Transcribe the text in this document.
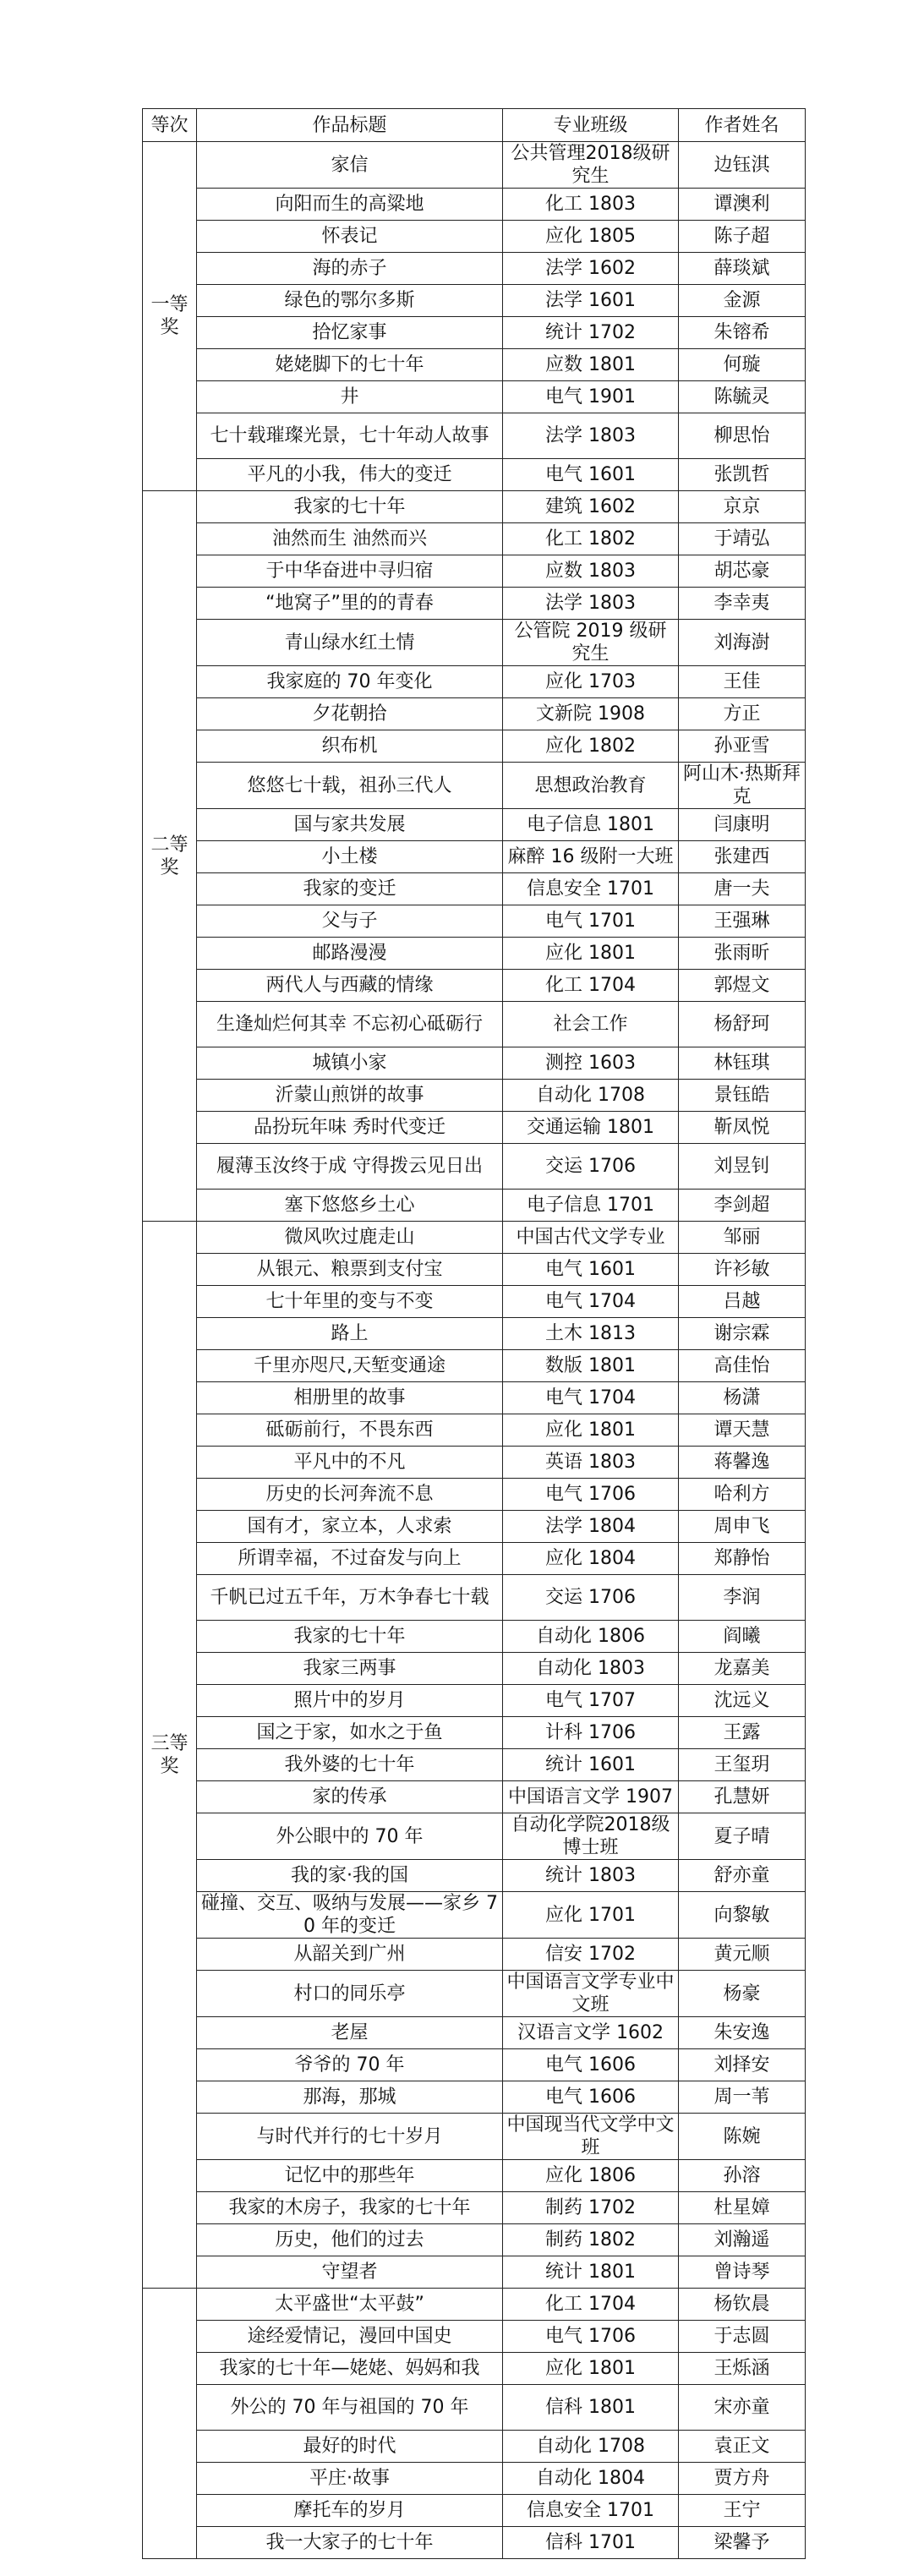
等次	作品标题	专业班级	作者姓名
一等奖	家信	公共管理2018级研究生	边钰淇
	向阳而生的高粱地	化工 1803	谭澳利
	怀表记	应化 1805	陈子超
	海的赤子	法学 1602	薛琰斌
	绿色的鄂尔多斯	法学 1601	金源
	拾忆家事	统计 1702	朱镕希
	姥姥脚下的七十年	应数 1801	何璇
	井	电气 1901	陈毓灵
	七十载璀璨光景，七十年动人故事	法学 1803	柳思怡
	平凡的小我，伟大的变迁	电气 1601	张凯哲
二等奖	我家的七十年	建筑 1602	京京
	油然而生 油然而兴	化工 1802	于靖弘
	于中华奋进中寻归宿	应数 1803	胡芯豪
	“地窝子”里的的青春	法学 1803	李幸夷
	青山绿水红土情	公管院 2019 级研究生	刘海澍
	我家庭的 70 年变化	应化 1703	王佳
	夕花朝拾	文新院 1908	方正
	织布机	应化 1802	孙亚雪
	悠悠七十载，祖孙三代人	思想政治教育	阿山木·热斯拜克
	国与家共发展	电子信息 1801	闫康明
	小土楼	麻醉 16 级附一大班	张建西
	我家的变迁	信息安全 1701	唐一夫
	父与子	电气 1701	王强琳
	邮路漫漫	应化 1801	张雨昕
	两代人与西藏的情缘	化工 1704	郭煜文
	生逢灿烂何其幸 不忘初心砥砺行	社会工作	杨舒珂
	城镇小家	测控 1603	林钰琪
	沂蒙山煎饼的故事	自动化 1708	景钰皓
	品扮玩年味 秀时代变迁	交通运输 1801	靳凤悦
	履薄玉汝终于成 守得拨云见日出	交运 1706	刘昱钊
	塞下悠悠乡土心	电子信息 1701	李剑超
三等奖	微风吹过鹿走山	中国古代文学专业	邹丽
	从银元、粮票到支付宝	电气 1601	许衫敏
	七十年里的变与不变	电气 1704	吕越
	路上	土木 1813	谢宗霖
	千里亦咫尺,天堑变通途	数版 1801	高佳怡
	相册里的故事	电气 1704	杨潇
	砥砺前行，不畏东西	应化 1801	谭天慧
	平凡中的不凡	英语 1803	蒋馨逸
	历史的长河奔流不息	电气 1706	哈利方
	国有才，家立本，人求索	法学 1804	周申飞
	所谓幸福，不过奋发与向上	应化 1804	郑静怡
	千帆已过五千年，万木争春七十载	交运 1706	李润
	我家的七十年	自动化 1806	阎曦
	我家三两事	自动化 1803	龙嘉美
	照片中的岁月	电气 1707	沈远义
	国之于家，如水之于鱼	计科 1706	王露
	我外婆的七十年	统计 1601	王玺玥
	家的传承	中国语言文学 1907	孔慧妍
	外公眼中的 70 年	自动化学院2018级博士班	夏子晴
	我的家·我的国	统计 1803	舒亦童
	碰撞、交互、吸纳与发展——家乡 70 年的变迁	应化 1701	向黎敏
	从韶关到广州	信安 1702	黄元顺
	村口的同乐亭	中国语言文学专业中文班	杨豪
	老屋	汉语言文学 1602	朱安逸
	爷爷的 70 年	电气 1606	刘择安
	那海，那城	电气 1606	周一苇
	与时代并行的七十岁月	中国现当代文学中文班	陈婉
	记忆中的那些年	应化 1806	孙溶
	我家的木房子，我家的七十年	制药 1702	杜星嫜
	历史，他们的过去	制药 1802	刘瀚遥
	守望者	统计 1801	曾诗琴
	太平盛世“太平鼓”	化工 1704	杨钦晨
	途经爱情记，漫回中国史	电气 1706	于志圆
	我家的七十年—姥姥、妈妈和我	应化 1801	王烁涵
	外公的 70 年与祖国的 70 年	信科 1801	宋亦童
	最好的时代	自动化 1708	袁正文
	平庄·故事	自动化 1804	贾方舟
	摩托车的岁月	信息安全 1701	王宁
	我一大家子的七十年	信科 1701	梁馨予
